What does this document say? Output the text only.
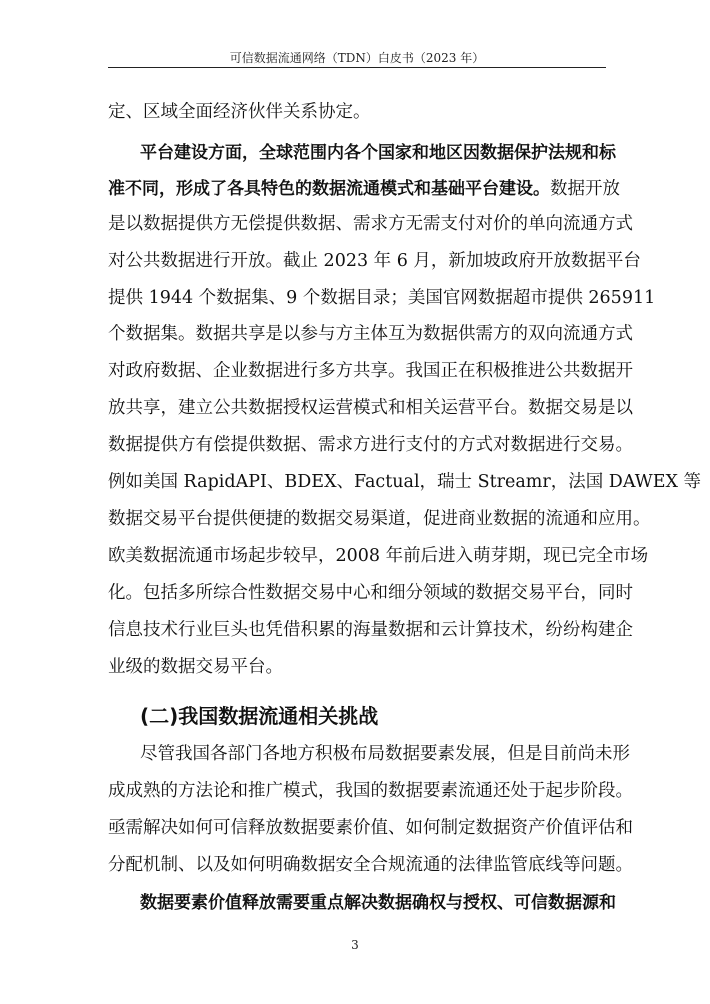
可信数据流通网络（TDN）白皮书（2023 年）
定、区域全面经济伙伴关系协定。
平台建设方面，全球范围内各个国家和地区因数据保护法规和标
准不同，形成了各具特色的数据流通模式和基础平台建设。数据开放
是以数据提供方无偿提供数据、需求方无需支付对价的单向流通方式
对公共数据进行开放。截止 2023 年 6 月，新加坡政府开放数据平台
提供 1944 个数据集、9 个数据目录；美国官网数据超市提供 265911
个数据集。数据共享是以参与方主体互为数据供需方的双向流通方式
对政府数据、企业数据进行多方共享。我国正在积极推进公共数据开
放共享，建立公共数据授权运营模式和相关运营平台。数据交易是以
数据提供方有偿提供数据、需求方进行支付的方式对数据进行交易。
例如美国 RapidAPI、BDEX、Factual，瑞士 Streamr，法国 DAWEX 等
数据交易平台提供便捷的数据交易渠道，促进商业数据的流通和应用。
欧美数据流通市场起步较早，2008 年前后进入萌芽期，现已完全市场
化。包括多所综合性数据交易中心和细分领域的数据交易平台，同时
信息技术行业巨头也凭借积累的海量数据和云计算技术，纷纷构建企
业级的数据交易平台。
(二)我国数据流通相关挑战
尽管我国各部门各地方积极布局数据要素发展，但是目前尚未形
成成熟的方法论和推广模式，我国的数据要素流通还处于起步阶段。
亟需解决如何可信释放数据要素价值、如何制定数据资产价值评估和
分配机制、以及如何明确数据安全合规流通的法律监管底线等问题。
数据要素价值释放需要重点解决数据确权与授权、可信数据源和
3
